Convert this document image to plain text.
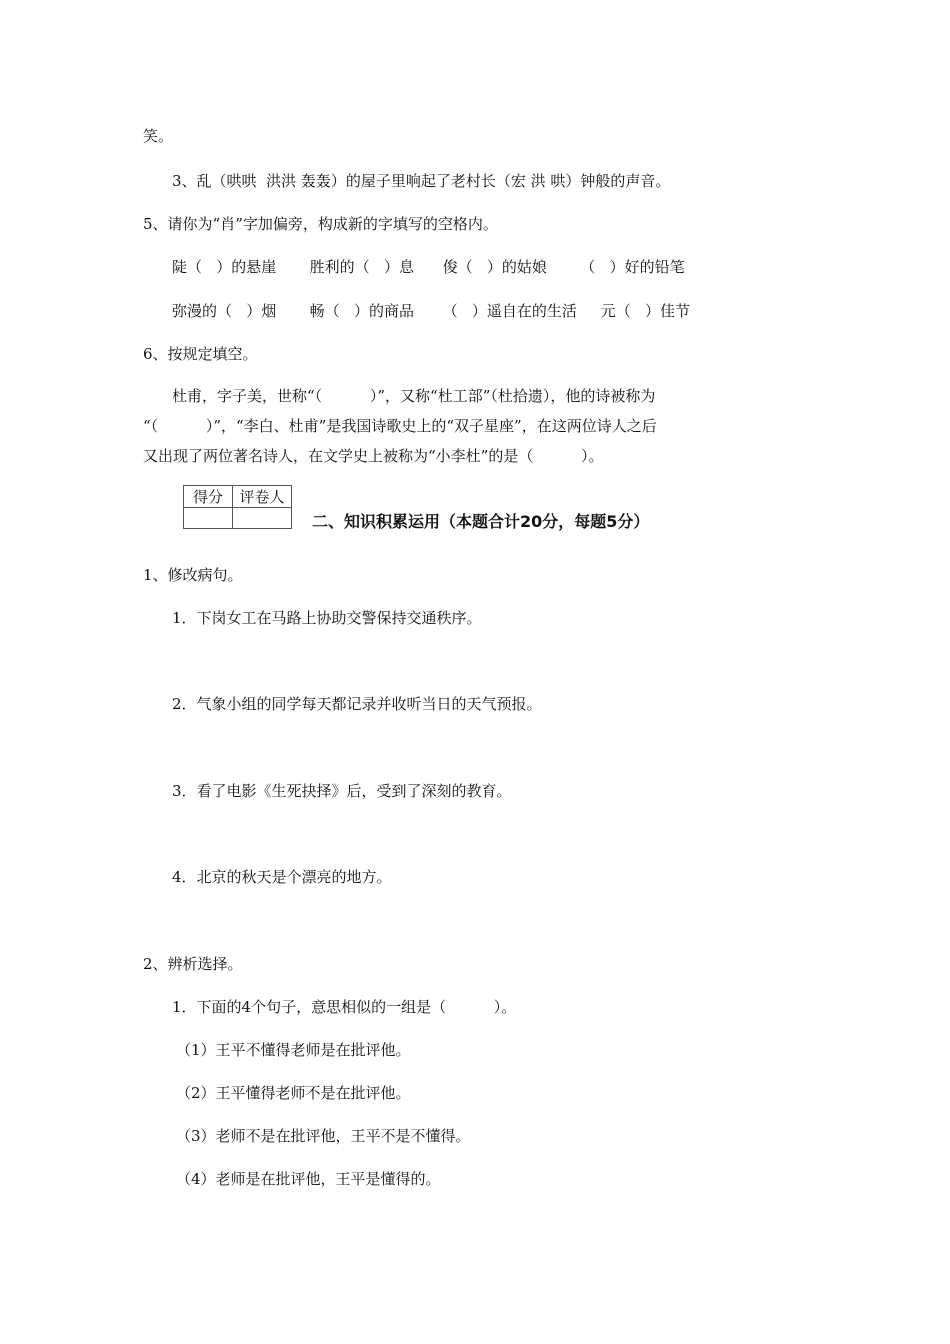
笑。
3、乱（哄哄  洪洪 轰轰）的屋子里响起了老村长（宏 洪 哄）钟般的声音。
5、请你为“肖”字加偏旁，构成新的字填写的空格内。
陡（   ）的悬崖       胜利的（   ）息      俊（   ）的姑娘       （   ）好的铅笔
弥漫的（   ）烟       畅（   ）的商品      （   ）遥自在的生活     元（   ）佳节
6、按规定填空。
杜甫，字子美，世称“（          ）”，又称“杜工部”（杜拾遗），他的诗被称为
“（          ）”，“李白、杜甫”是我国诗歌史上的“双子星座”，在这两位诗人之后
又出现了两位著名诗人，在文学史上被称为“小李杜”的是（          ）。
得分	评卷人

二、知识积累运用（本题合计20分，每题5分）
1、修改病句。
1．下岗女工在马路上协助交警保持交通秩序。
2．气象小组的同学每天都记录并收听当日的天气预报。
3．看了电影《生死抉择》后，受到了深刻的教育。
4．北京的秋天是个漂亮的地方。
2、辨析选择。
1．下面的4个句子，意思相似的一组是（          ）。
（1）王平不懂得老师是在批评他。
（2）王平懂得老师不是在批评他。
（3）老师不是在批评他，王平不是不懂得。
（4）老师是在批评他，王平是懂得的。
